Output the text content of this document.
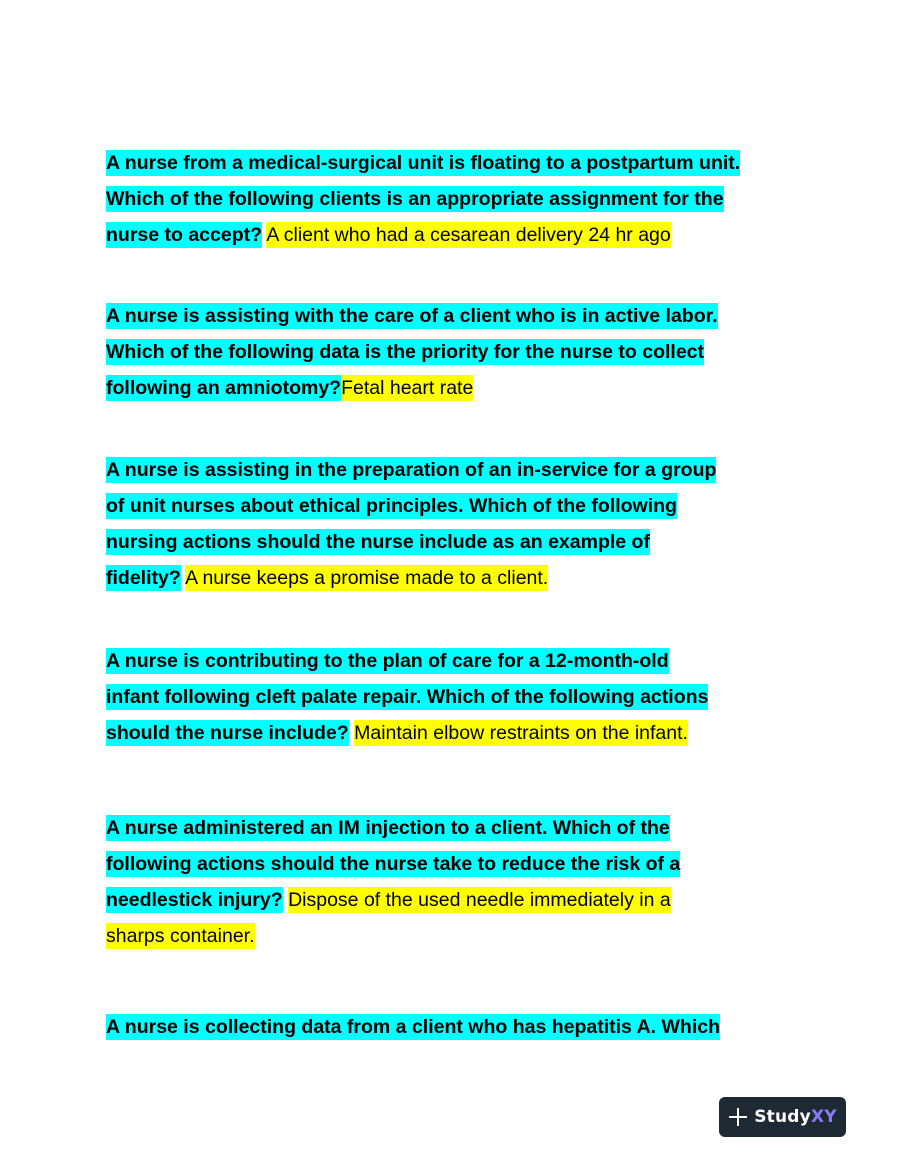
A nurse from a medical-surgical unit is floating to a postpartum unit.
Which of the following clients is an appropriate assignment for the
nurse to accept? A client who had a cesarean delivery 24 hr ago
A nurse is assisting with the care of a client who is in active labor.
Which of the following data is the priority for the nurse to collect
following an amniotomy?Fetal heart rate
A nurse is assisting in the preparation of an in-service for a group
of unit nurses about ethical principles. Which of the following
nursing actions should the nurse include as an example of
fidelity? A nurse keeps a promise made to a client.
A nurse is contributing to the plan of care for a 12-month-old
infant following cleft palate repair. Which of the following actions
should the nurse include? Maintain elbow restraints on the infant.
A nurse administered an IM injection to a client. Which of the
following actions should the nurse take to reduce the risk of a
needlestick injury? Dispose of the used needle immediately in a
sharps container.
A nurse is collecting data from a client who has hepatitis A. Which
StudyXY
